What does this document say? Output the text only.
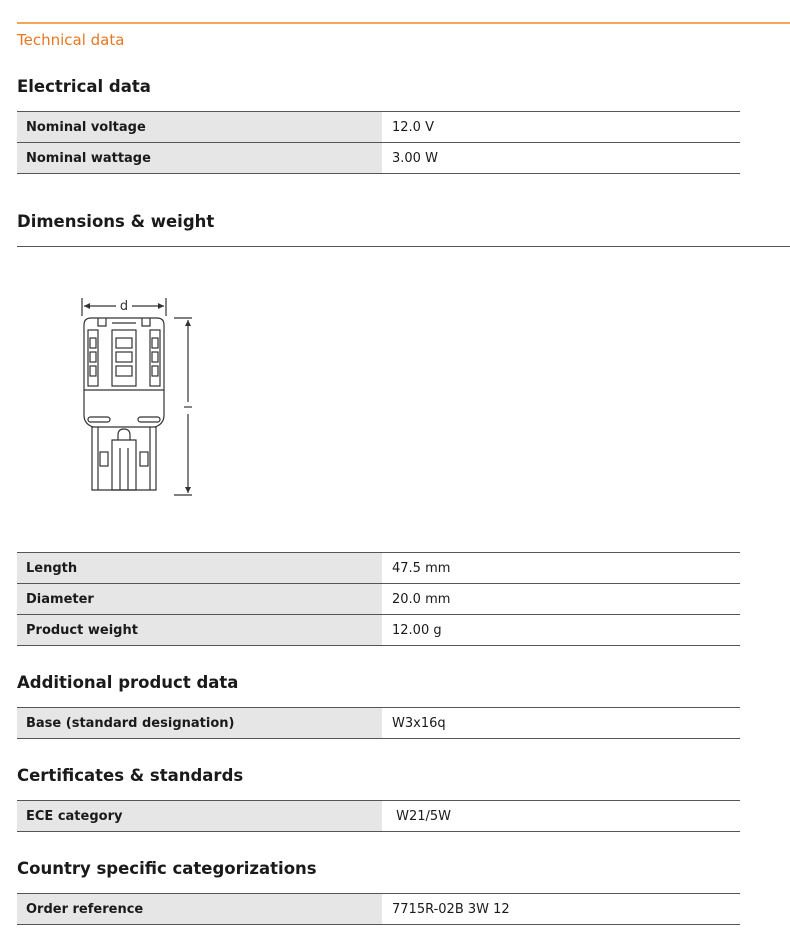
Technical data
Electrical data
Nominal voltage	12.0 V
Nominal wattage	3.00 W
Dimensions & weight
d
Length	47.5 mm
Diameter	20.0 mm
Product weight	12.00 g
Additional product data
Base (standard designation)	W3x16q
Certificates & standards
ECE category	W21/5W
Country specific categorizations
Order reference	7715R-02B 3W 12
